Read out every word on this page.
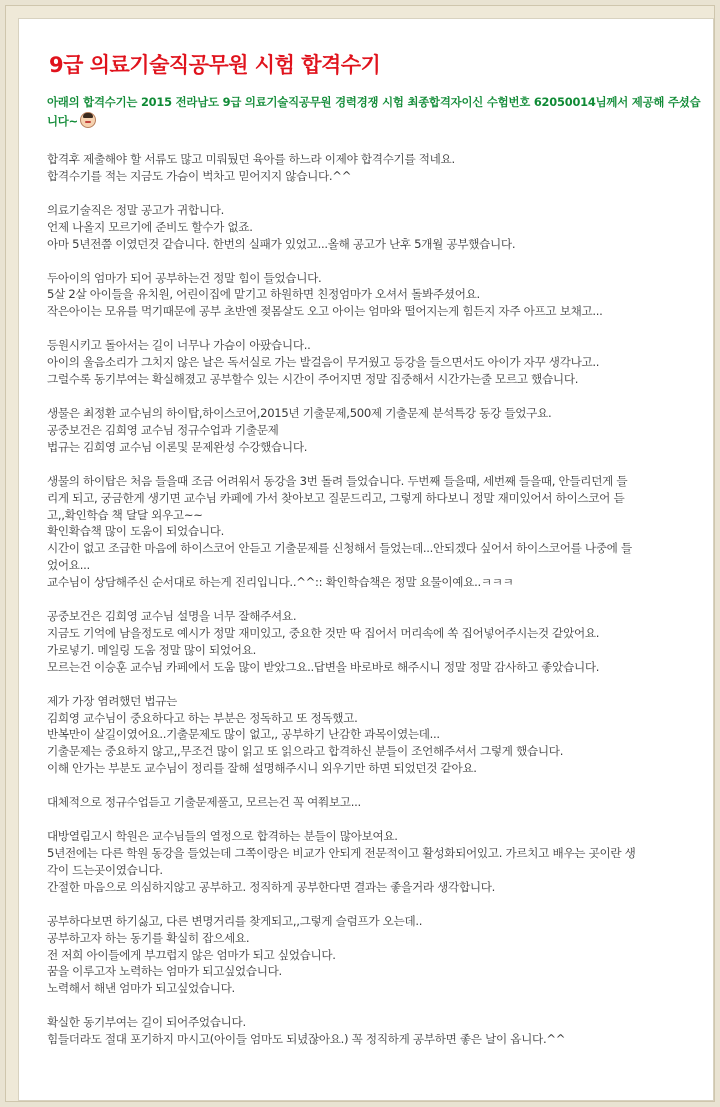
9급 의료기술직공무원 시험 합격수기

아래의 합격수기는 2015 전라남도 9급 의료기술직공무원 경력경쟁 시험 최종합격자이신 수험번호 62050014님께서 제공해 주셨습니다~

합격후 제출해야 할 서류도 많고 미뤄뒀던 육아를 하느라 이제야 합격수기를 적네요.
합격수기를 적는 지금도 가슴이 벅차고 믿어지지 않습니다.^^
의료기술직은 정말 공고가 귀합니다.
언제 나올지 모르기에 준비도 할수가 없죠.
아마 5년전쯤 이였던것 같습니다. 한번의 실패가 있었고...올해 공고가 난후 5개월 공부했습니다.
두아이의 엄마가 되어 공부하는건 정말 힘이 들었습니다.
5살 2살 아이들을 유치원, 어린이집에 맡기고 하원하면 친정엄마가 오셔서 돌봐주셨어요.
작은아이는 모유를 먹기때문에 공부 초반엔 젖몸살도 오고 아이는 엄마와 떨어지는게 힘든지 자주 아프고 보채고...
등원시키고 돌아서는 길이 너무나 가슴이 아팠습니다..
아이의 울음소리가 그치지 않은 날은 독서실로 가는 발걸음이 무거웠고 등강을 들으면서도 아이가 자꾸 생각나고..
그럴수록 동기부여는 확실해졌고 공부할수 있는 시간이 주어지면 정말 집중해서 시간가는줄 모르고 했습니다.
생물은 최정환 교수님의 하이탑,하이스코어,2015년 기출문제,500제 기출문제 분석특강 동강 들었구요.
공중보건은 김희영 교수님 정규수업과 기출문제
법규는 김희영 교수님 이론및 문제완성 수강했습니다.
생물의 하이탑은 처음 들을때 조금 어려워서 동강을 3번 돌려 들었습니다. 두번째 들을때, 세번째 들을때, 안들리던게 들
리게 되고, 궁금한게 생기면 교수님 카페에 가서 찾아보고 질문드리고, 그렇게 하다보니 정말 재미있어서 하이스코어 듣
고,,확인학습 책 달달 외우고~~
확인확습책 많이 도움이 되었습니다.
시간이 없고 조급한 마음에 하이스코어 안듣고 기출문제를 신청해서 들었는데...안되겠다 싶어서 하이스코어를 나중에 들
었어요...
교수님이 상담해주신 순서대로 하는게 진리입니다..^^:: 확인학습책은 정말 요물이예요..ㅋㅋㅋ
공중보건은 김희영 교수님 설명을 너무 잘해주셔요.
지금도 기억에 남을정도로 예시가 정말 재미있고, 중요한 것만 딱 집어서 머리속에 쏙 집어넣어주시는것 같았어요.
가로넣기. 메일링 도움 정말 많이 되었어요.
모르는건 이승훈 교수님 카페에서 도움 많이 받았그요..답변을 바로바로 해주시니 정말 정말 감사하고 좋았습니다.
제가 가장 염려했던 법규는
김희영 교수님이 중요하다고 하는 부분은 정독하고 또 정독했고.
반복만이 살길이였어요..기출문제도 많이 없고,, 공부하기 난감한 과목이였는데...
기출문제는 중요하지 않고,,무조건 많이 읽고 또 읽으라고 합격하신 분들이 조언해주셔서 그렇게 했습니다.
이해 안가는 부분도 교수님이 정리를 잘해 설명해주시니 외우기만 하면 되었던것 같아요.
대체적으로 정규수업듣고 기출문제풀고, 모르는건 꼭 여쭤보고...
대방열림고시 학원은 교수님들의 열정으로 합격하는 분들이 많아보여요.
5년전에는 다른 학원 동강을 들었는데 그쪽이랑은 비교가 안되게 전문적이고 활성화되어있고. 가르치고 배우는 곳이란 생
각이 드는곳이였습니다.
간절한 마음으로 의심하지않고 공부하고. 정직하게 공부한다면 결과는 좋을거라 생각합니다.
공부하다보면 하기싫고, 다른 변명거리를 찾게되고,,그렇게 슬럼프가 오는데..
공부하고자 하는 동기를 확실히 잡으세요.
전 저희 아이들에게 부끄럽지 않은 엄마가 되고 싶었습니다.
꿈을 이루고자 노력하는 엄마가 되고싶었습니다.
노력해서 해낸 엄마가 되고싶었습니다.
확실한 동기부여는 길이 되어주었습니다.
힘들더라도 절대 포기하지 마시고(아이들 엄마도 되녔잖아요.) 꼭 정직하게 공부하면 좋은 날이 옵니다.^^
